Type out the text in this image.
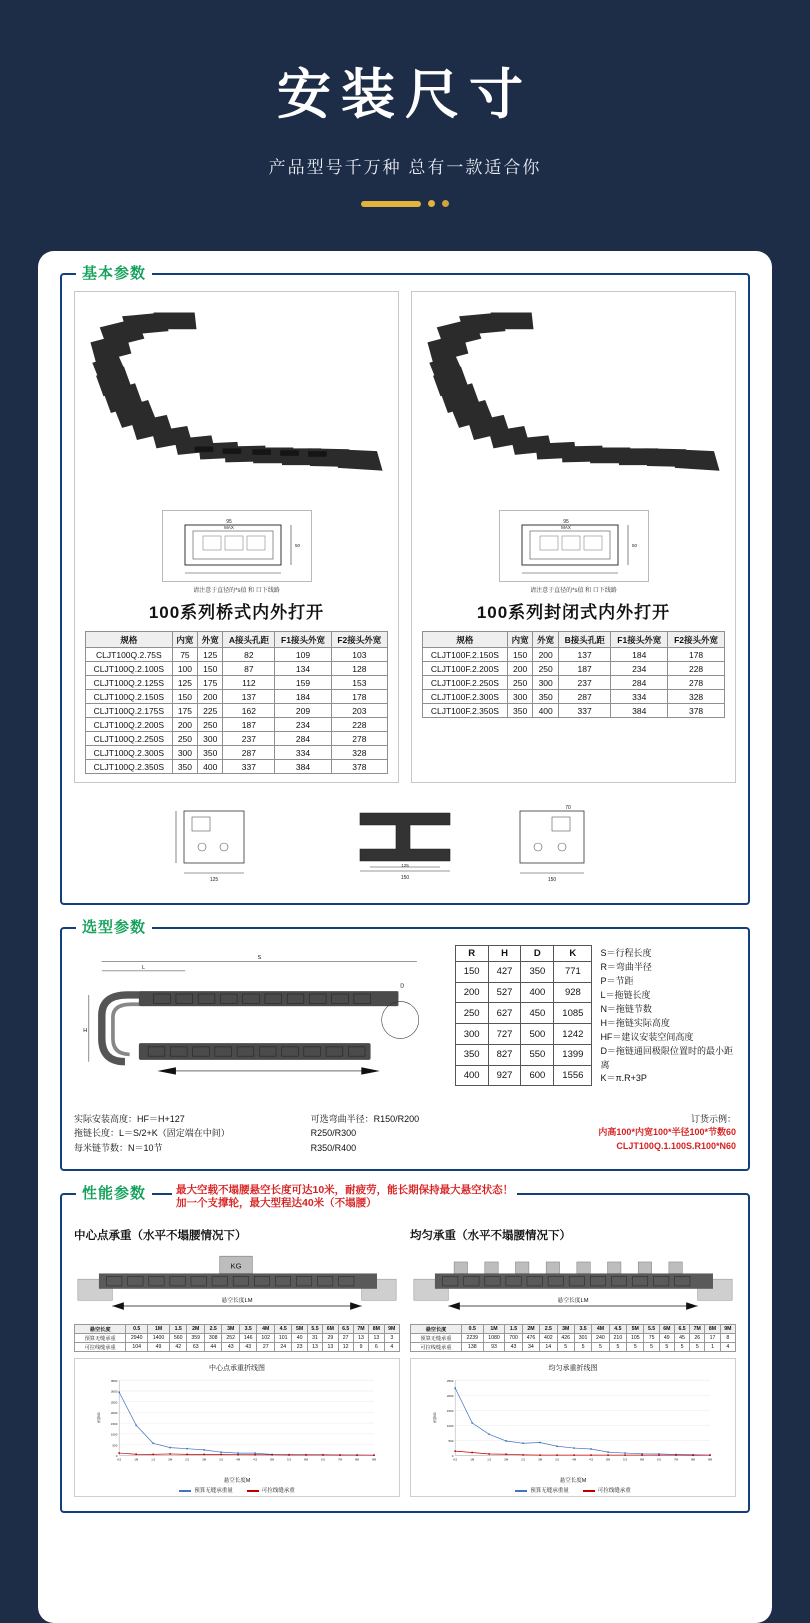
安装尺寸
产品型号千万种 总有一款适合你
基本参数
95
MAX
50
请注意于直径的*s值 和 口下线路
100系列桥式内外打开
规格	内宽	外宽	A接头孔距	F1接头外宽	F2接头外宽
CLJT100Q.2.75S	75	125	82	109	103
CLJT100Q.2.100S	100	150	87	134	128
CLJT100Q.2.125S	125	175	112	159	153
CLJT100Q.2.150S	150	200	137	184	178
CLJT100Q.2.175S	175	225	162	209	203
CLJT100Q.2.200S	200	250	187	234	228
CLJT100Q.2.250S	250	300	237	284	278
CLJT100Q.2.300S	300	350	287	334	328
CLJT100Q.2.350S	350	400	337	384	378
95
MAX
50
请注意于直径的*s值 和 口下线路
100系列封闭式内外打开
规格	内宽	外宽	B接头孔距	F1接头外宽	F2接头外宽
CLJT100F.2.150S	150	200	137	184	178
CLJT100F.2.200S	200	250	187	234	228
CLJT100F.2.250S	250	300	237	284	278
CLJT100F.2.300S	300	350	287	334	328
CLJT100F.2.350S	350	400	337	384	378
125	150
125
70
150
选型参数
S
L
H
D
R	H	D	K
150	427	350	771
200	527	400	928
250	627	450	1085
300	727	500	1242
350	827	550	1399
400	927	600	1556
S＝行程长度
R＝弯曲半径
P＝节距
L＝拖链长度
N＝拖链节数
H＝拖链实际高度
HF＝建议安装空间高度
D＝拖链通回极限位置时的最小距离
K＝π.R+3P
实际安装高度：HF＝H+127
拖链长度：L＝S/2+K（固定端在中间）
每米链节数：N＝10节
可选弯曲半径：R150/R200
R250/R300
R350/R400
订货示例：
内高100*内宽100*半径100*节数60
CLJT100Q.1.100S.R100*N60
性能参数	最大空载不塌腰悬空长度可达10米，耐疲劳，能长期保持最大悬空状态！
加一个支撑轮，最大型程达40米（不塌腰）
中心点承重（水平不塌腰情况下）
KG
悬空长度LM
悬空长度	0.5	1M	1.5	2M	2.5	3M	3.5	4M	4.5	5M	5.5	6M	6.5	7M	8M	9M
预算无缝承重	2940	1400	560	359	308	252	146	102	101	40	31	29	27	13	13	3
可拉线缝承重	104	49	42	63	44	43	43	27	24	23	13	13	12	9	6	4
中心点承重折线图
0
500
1000
1500
2000
2500
3000
3500
0.5	1M	1.5	2M	2.5	3M	3.5	4M	4.5	5M	5.5	6M	6.5	7M	8M	9M
承重KG
悬空长度M
预算无缝承重量	可拉线缝承重
均匀承重（水平不塌腰情况下）
悬空长度LM
悬空长度	0.5	1M	1.5	2M	2.5	3M	3.5	4M	4.5	5M	5.5	6M	6.5	7M	8M	9M
预算无缝承重	2239	1080	700	476	402	426	301	240	210	105	75	49	45	26	17	8
可拉线缝承重	138	93	43	34	14	5	5	5	5	5	5	5	5	5	1	4
均匀承重折线图
0
500
1000
1500
2000
2500
0.5	1M	1.5	2M	2.5	3M	3.5	4M	4.5	5M	5.5	6M	6.5	7M	8M	9M
承重KG
悬空长度M
预算无缝承重量	可拉线缝承重
